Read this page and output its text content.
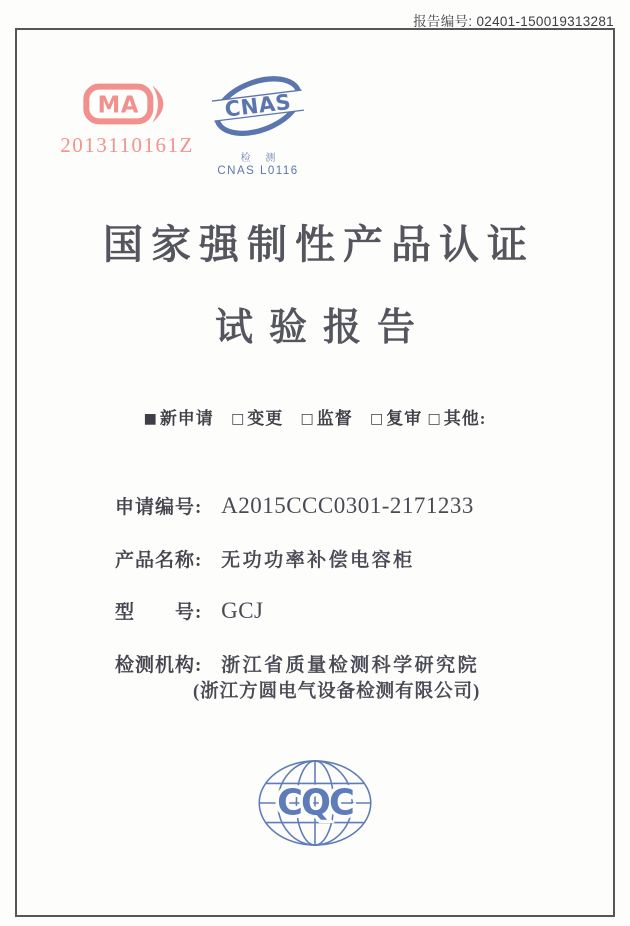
报告编号: 02401-150019313281
MA
2013110161Z
CNAS
检 测
CNAS L0116
国家强制性产品认证
试验报告
■ 新申请 □ 变更 □ 监督 □ 复审 □ 其他:
申请编号: A2015CCC0301-2171233
产品名称: 无功功率补偿电容柜
型　　号: GCJ
检测机构: 浙江省质量检测科学研究院
(浙江方圆电气设备检测有限公司)
CQC
